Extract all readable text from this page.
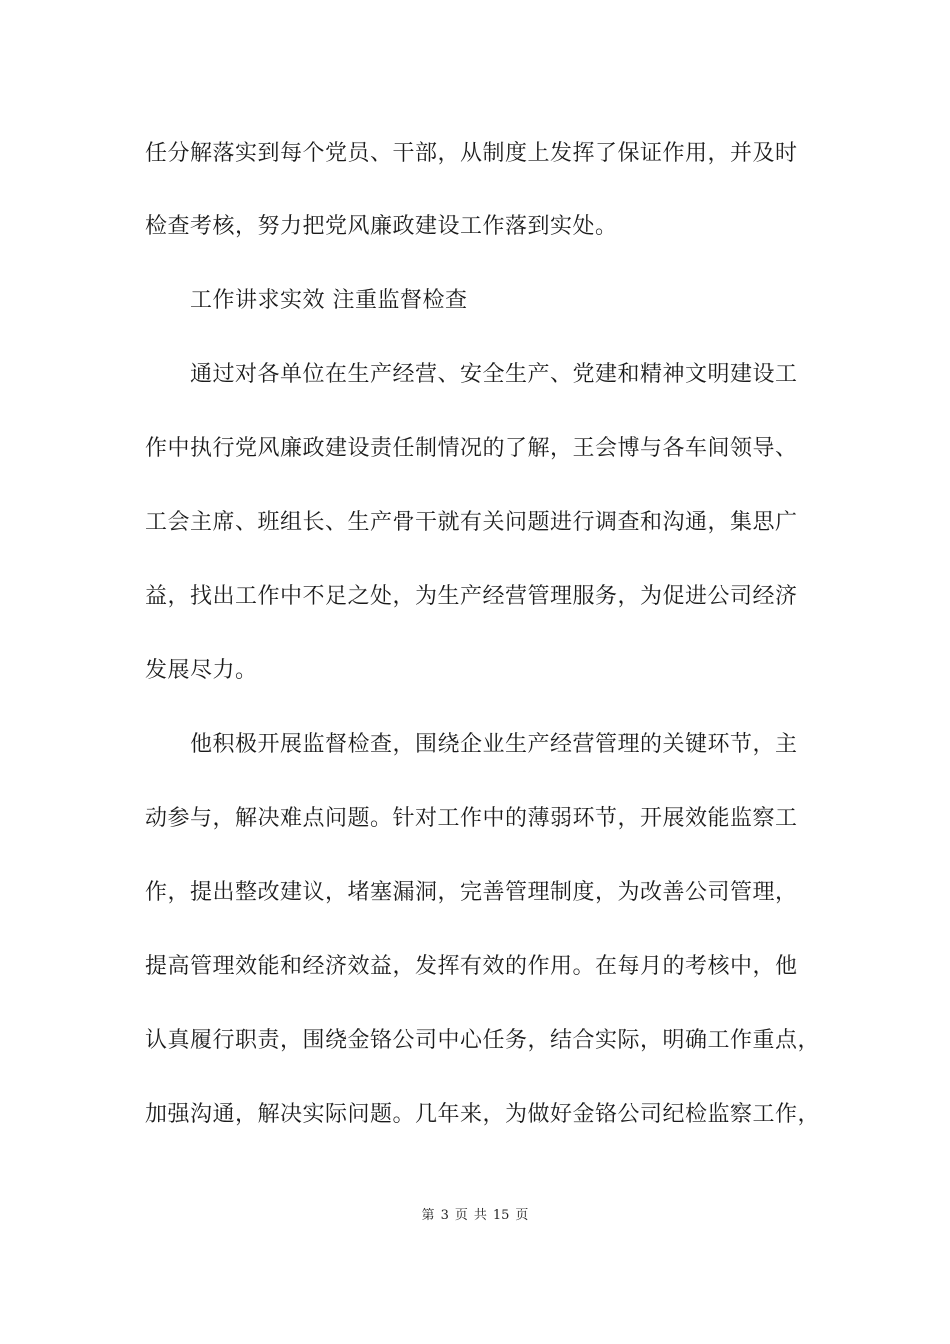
任分解落实到每个党员、干部，从制度上发挥了保证作用，并及时
检查考核，努力把党风廉政建设工作落到实处。
工作讲求实效 注重监督检查
通过对各单位在生产经营、安全生产、党建和精神文明建设工
作中执行党风廉政建设责任制情况的了解，王会博与各车间领导、
工会主席、班组长、生产骨干就有关问题进行调查和沟通，集思广
益，找出工作中不足之处，为生产经营管理服务，为促进公司经济
发展尽力。
他积极开展监督检查，围绕企业生产经营管理的关键环节，主
动参与，解决难点问题。针对工作中的薄弱环节，开展效能监察工
作，提出整改建议，堵塞漏洞，完善管理制度，为改善公司管理，
提高管理效能和经济效益，发挥有效的作用。在每月的考核中，他
认真履行职责，围绕金铬公司中心任务，结合实际，明确工作重点，
加强沟通，解决实际问题。几年来，为做好金铬公司纪检监察工作，
第 3 页 共 15 页
